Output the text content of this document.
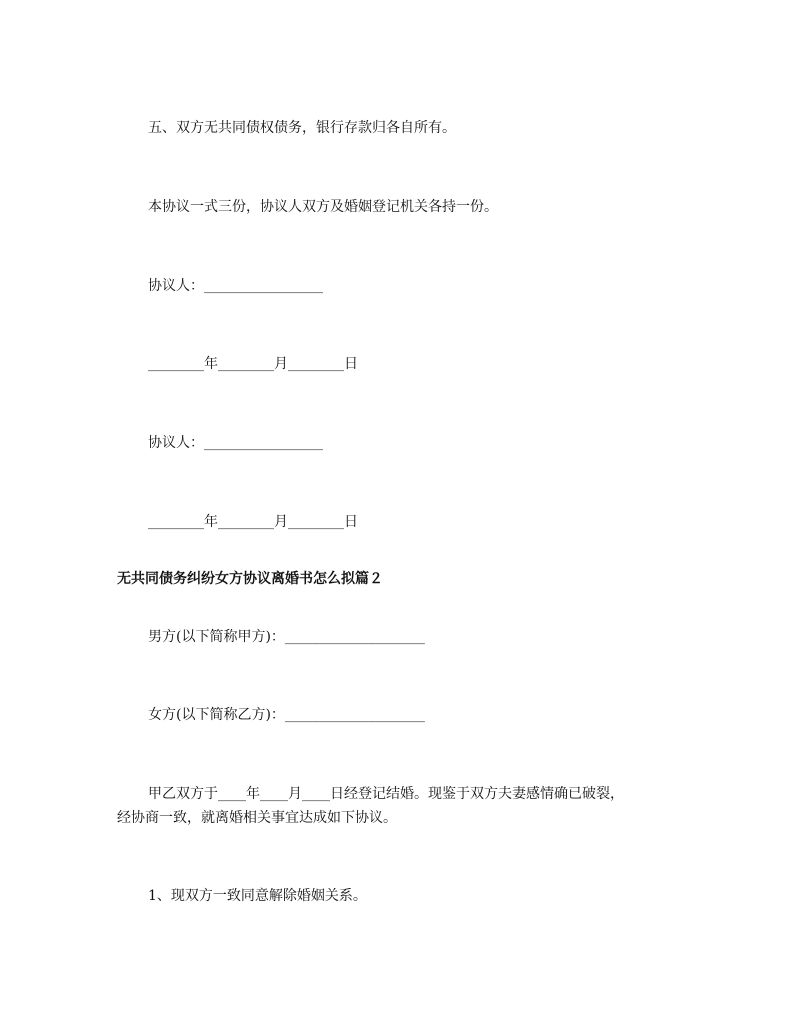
五、双方无共同债权债务，银行存款归各自所有。

本协议一式三份，协议人双方及婚姻登记机关各持一份。

协议人：_________________

________年________月________日

协议人：_________________

________年________月________日

无共同债务纠纷女方协议离婚书怎么拟篇２

男方(以下简称甲方)：____________________

女方(以下简称乙方)：____________________

甲乙双方于____年____月____日经登记结婚。现鉴于双方夫妻感情确已破裂，

经协商一致，就离婚相关事宜达成如下协议。

1、现双方一致同意解除婚姻关系。
